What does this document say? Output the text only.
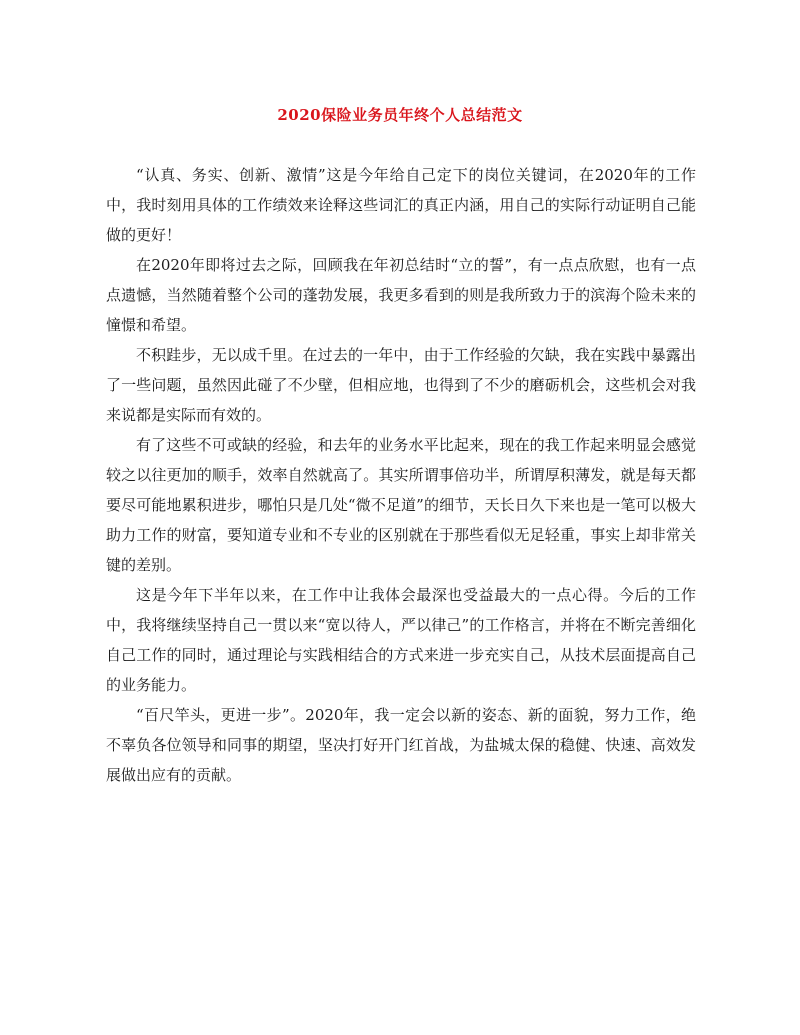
2020保险业务员年终个人总结范文

“认真、务实、创新、激情”这是今年给自己定下的岗位关键词，在2020年的工作中，我时刻用具体的工作绩效来诠释这些词汇的真正内涵，用自己的实际行动证明自己能做的更好！

在2020年即将过去之际，回顾我在年初总结时“立的誓”，有一点点欣慰，也有一点点遗憾，当然随着整个公司的蓬勃发展，我更多看到的则是我所致力于的滨海个险未来的憧憬和希望。

不积跬步，无以成千里。在过去的一年中，由于工作经验的欠缺，我在实践中暴露出了一些问题，虽然因此碰了不少壁，但相应地，也得到了不少的磨砺机会，这些机会对我来说都是实际而有效的。

有了这些不可或缺的经验，和去年的业务水平比起来，现在的我工作起来明显会感觉较之以往更加的顺手，效率自然就高了。其实所谓事倍功半，所谓厚积薄发，就是每天都要尽可能地累积进步，哪怕只是几处“微不足道”的细节，天长日久下来也是一笔可以极大助力工作的财富，要知道专业和不专业的区别就在于那些看似无足轻重，事实上却非常关键的差别。

这是今年下半年以来，在工作中让我体会最深也受益最大的一点心得。今后的工作中，我将继续坚持自己一贯以来“宽以待人，严以律己”的工作格言，并将在不断完善细化自己工作的同时，通过理论与实践相结合的方式来进一步充实自己，从技术层面提高自己的业务能力。

“百尺竿头，更进一步”。2020年，我一定会以新的姿态、新的面貌，努力工作，绝不辜负各位领导和同事的期望，坚决打好开门红首战，为盐城太保的稳健、快速、高效发展做出应有的贡献。
